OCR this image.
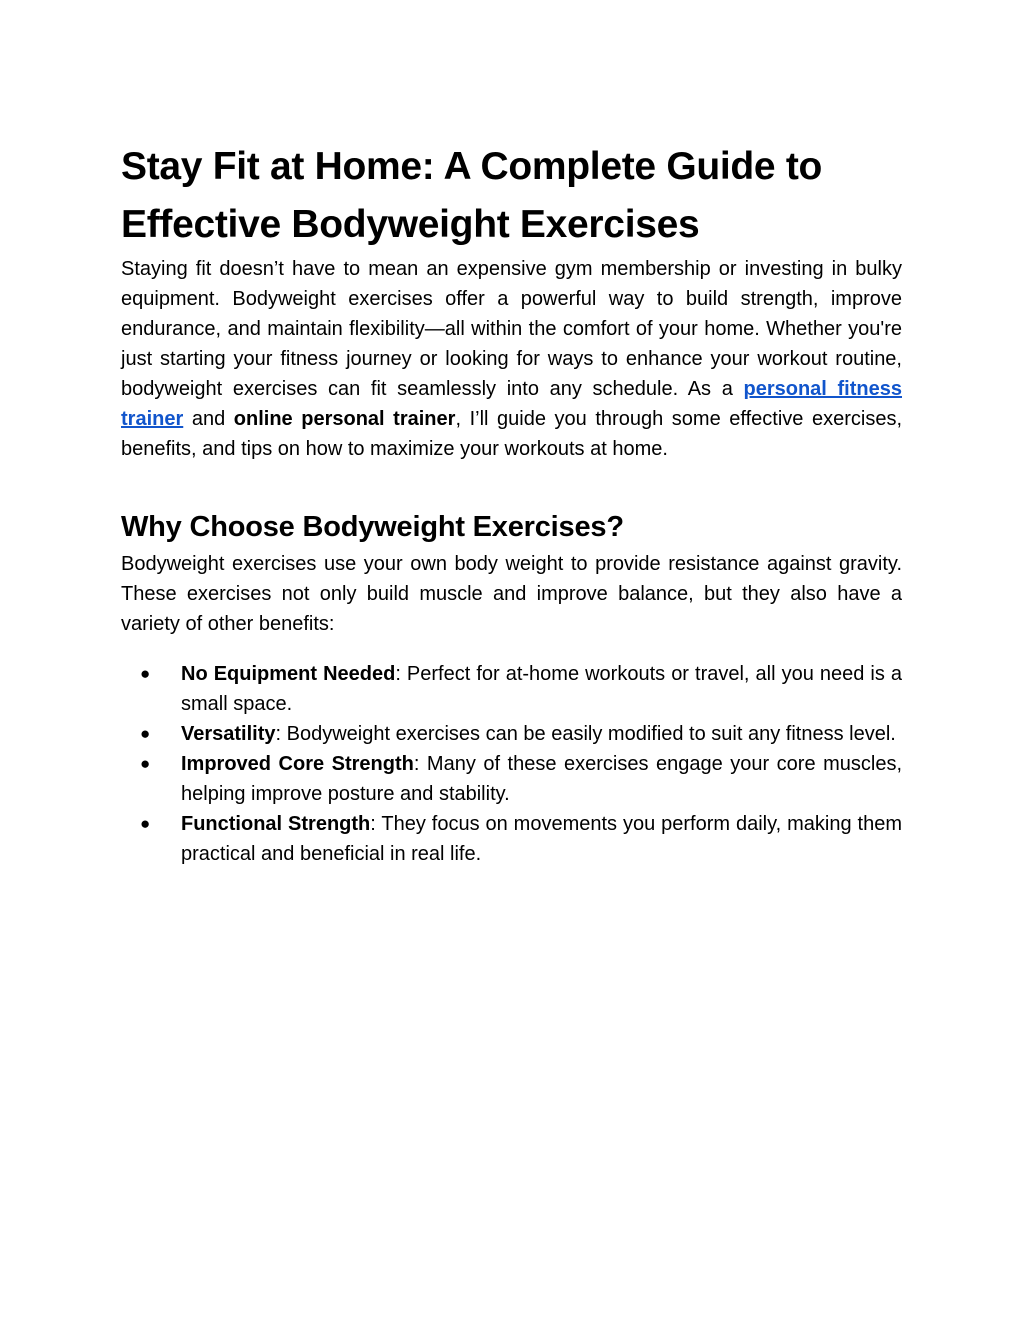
Stay Fit at Home: A Complete Guide to Effective Bodyweight Exercises

Staying fit doesn’t have to mean an expensive gym membership or investing in bulky equipment. Bodyweight exercises offer a powerful way to build strength, improve endurance, and maintain flexibility—all within the comfort of your home. Whether you're just starting your fitness journey or looking for ways to enhance your workout routine, bodyweight exercises can fit seamlessly into any schedule. As a personal fitness trainer and online personal trainer, I’ll guide you through some effective exercises, benefits, and tips on how to maximize your workouts at home.

Why Choose Bodyweight Exercises?

Bodyweight exercises use your own body weight to provide resistance against gravity. These exercises not only build muscle and improve balance, but they also have a variety of other benefits:

● No Equipment Needed: Perfect for at-home workouts or travel, all you need is a small space.
● Versatility: Bodyweight exercises can be easily modified to suit any fitness level.
● Improved Core Strength: Many of these exercises engage your core muscles, helping improve posture and stability.
● Functional Strength: They focus on movements you perform daily, making them practical and beneficial in real life.
